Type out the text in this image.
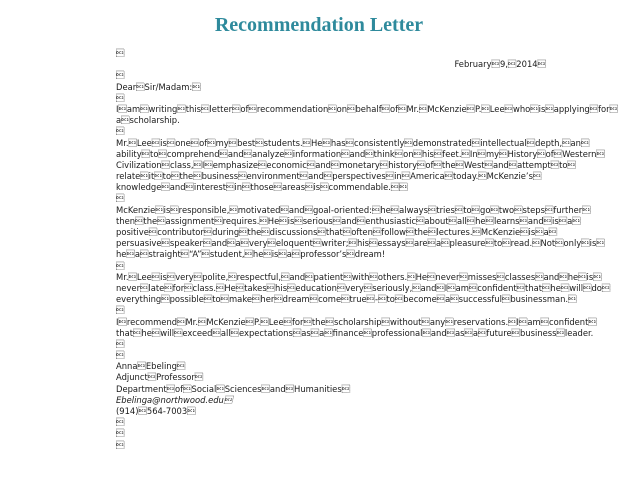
Recommendation Letter

February9,2014

DearSir/Madam:

IamwritingthisletterofrecommendationonbehalfofMr.McKenzieP.Leewhoisapplyingfor
ascholarship.

Mr.Leeisoneofmybeststudents.Hehasconsistentlydemonstratedintellectualdepth,an
abilitytocomprehendandanalyzeinformationandthinkonhisfeet.InmyHistoryofWestern
Civilizationclass,IemphasizeeconomicandmonetaryhistoryoftheWestandattemptto
relateittothebusinessenvironmentandperspectivesinAmericatoday.McKenzie’s
knowledgeandinterestinthoseareasiscommendable.

McKenzieisresponsible,motivatedandgoal-oriented:healwaystriestogotwostepsfurther
thentheassignmentrequires.Heisseriousandenthusiasticaboutallhelearnsandisa
positivecontributorduringthediscussionsthatoftenfollowthelectures.McKenzieisa
persuasivespeakerandaveryeloquentwriter;hisessaysareapleasuretoread.Notonlyis
heastraight“A”student,heisaprofessor’sdream!

Mr.Leeisverypolite,respectful,andpatientwithothers.Henevermissesclassesandheis
neverlateforclass.Hetakeshiseducationveryseriously,andIamconfidentthathewilldo
everythingpossibletomakeherdreamcometrue-tobecomeasuccessfulbusinessman.

IrecommendMr.McKenzieP.Leeforthescholarshipwithoutanyreservations.Iamconfident
thathewillexceedallexpectationsasafinanceprofessionalandasafuturebusinessleader.


AnnaEbeling
AdjunctProfessor
DepartmentofSocialSciencesandHumanities
Ebelinga@northwood.edu
(914)564-7003



